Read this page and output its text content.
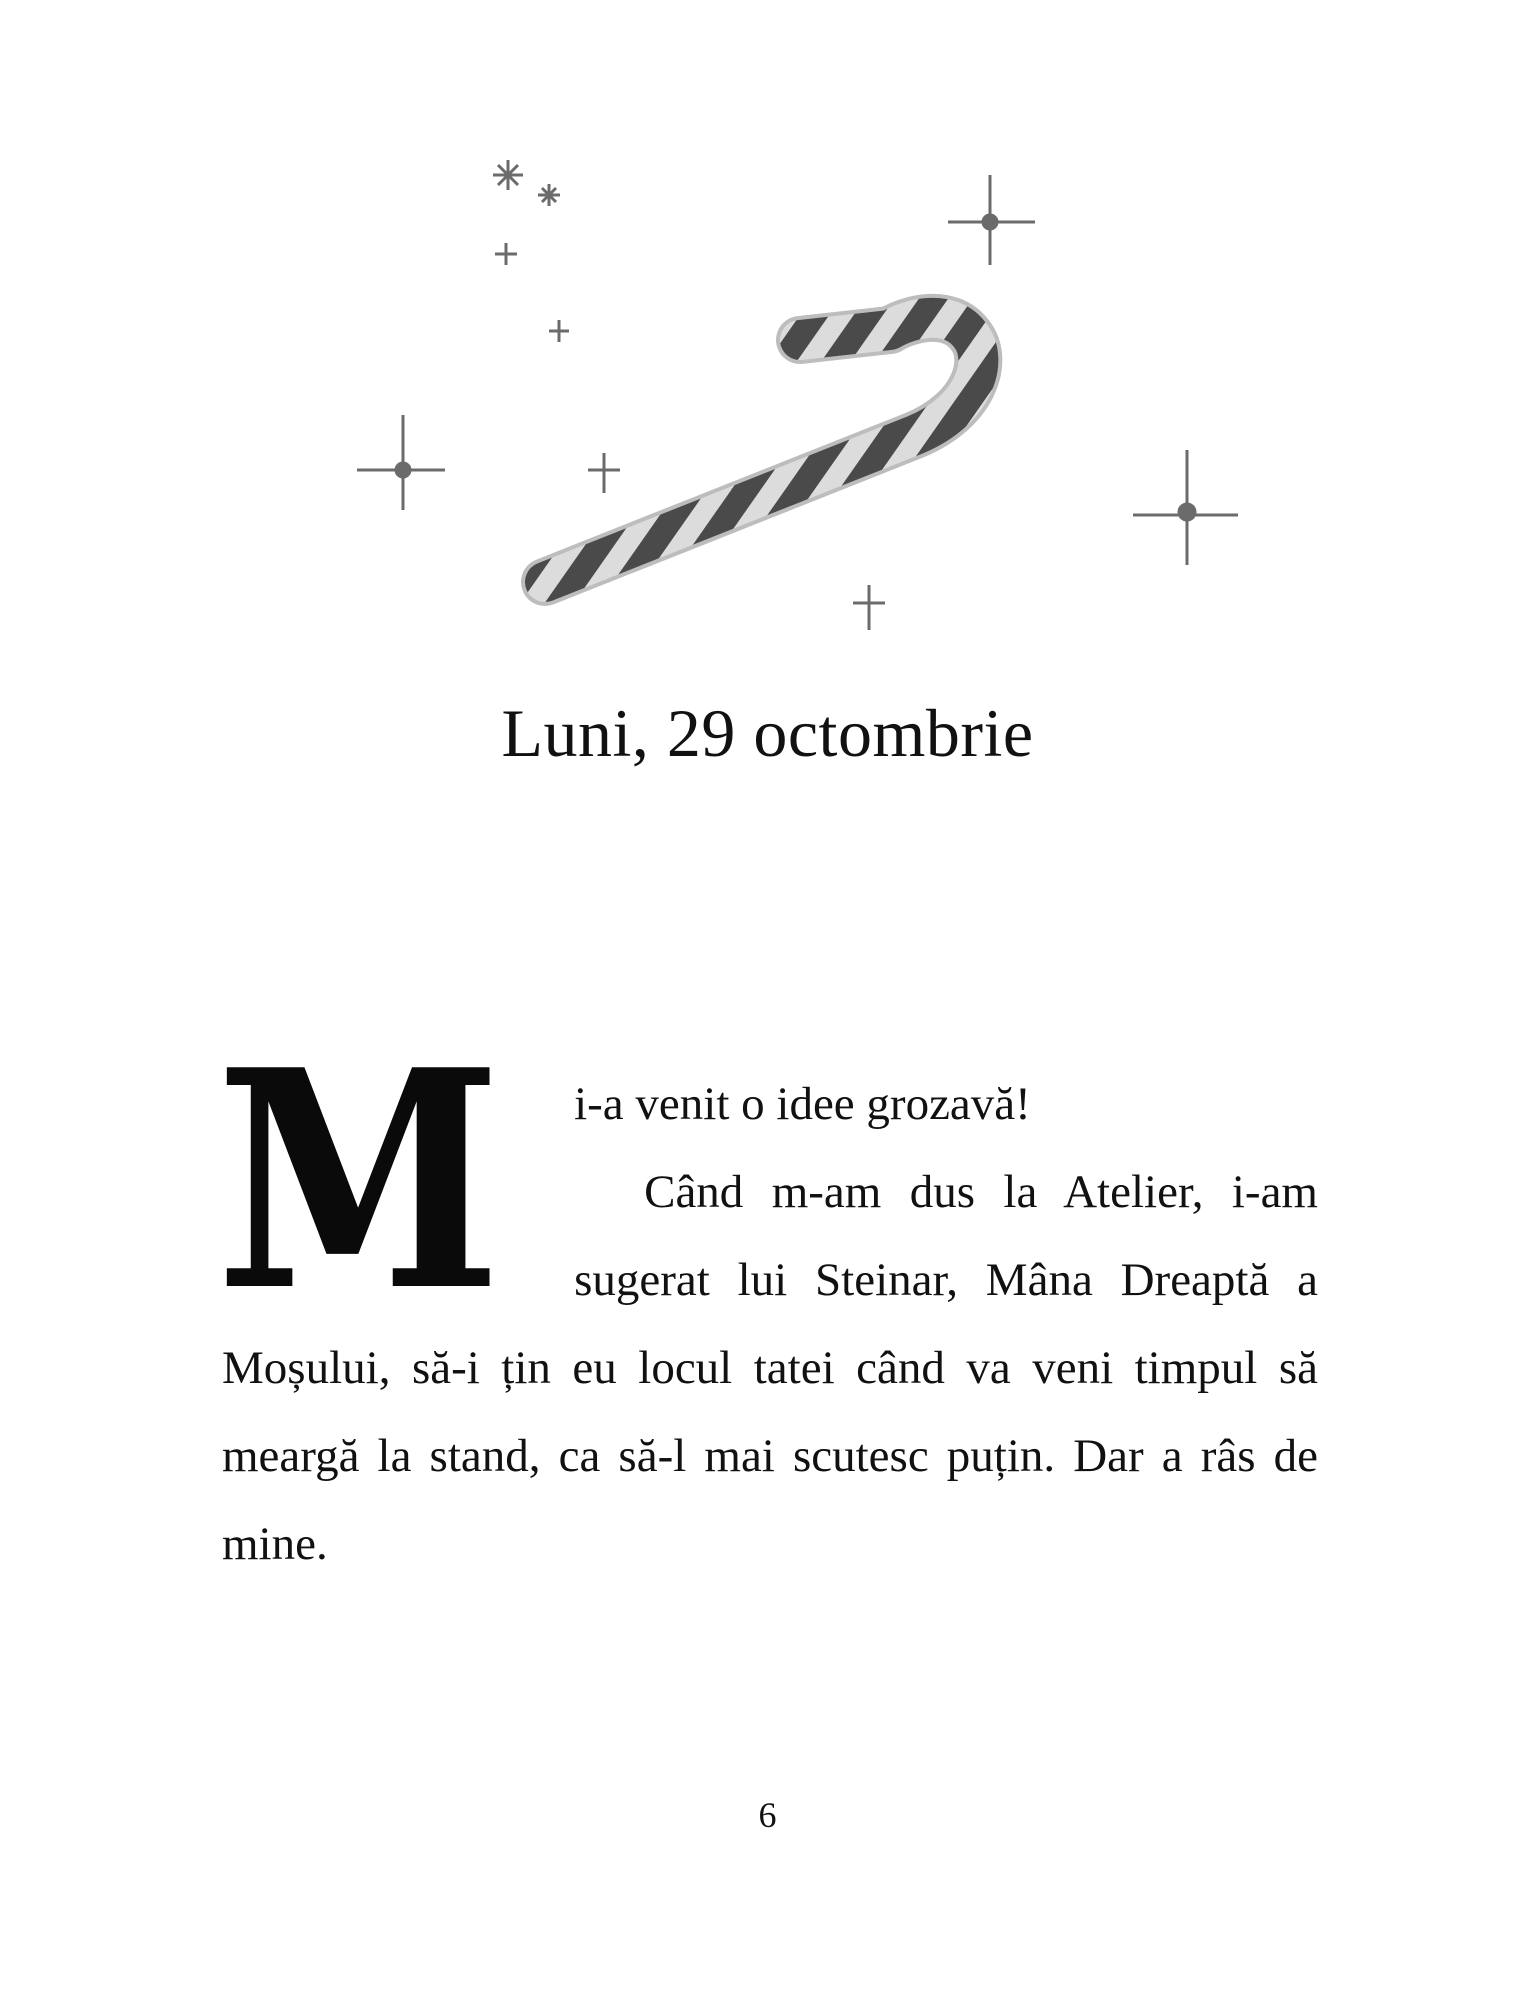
Luni, 29 octombrie
M	i-a venit o idee grozavă!

Când m-am dus la Atelier, i-am sugerat lui Steinar, Mâna Dreaptă a Moșului, să-i țin eu locul tatei când va veni timpul să meargă la stand, ca să-l mai scutesc puțin. Dar a râs de mine.

6
